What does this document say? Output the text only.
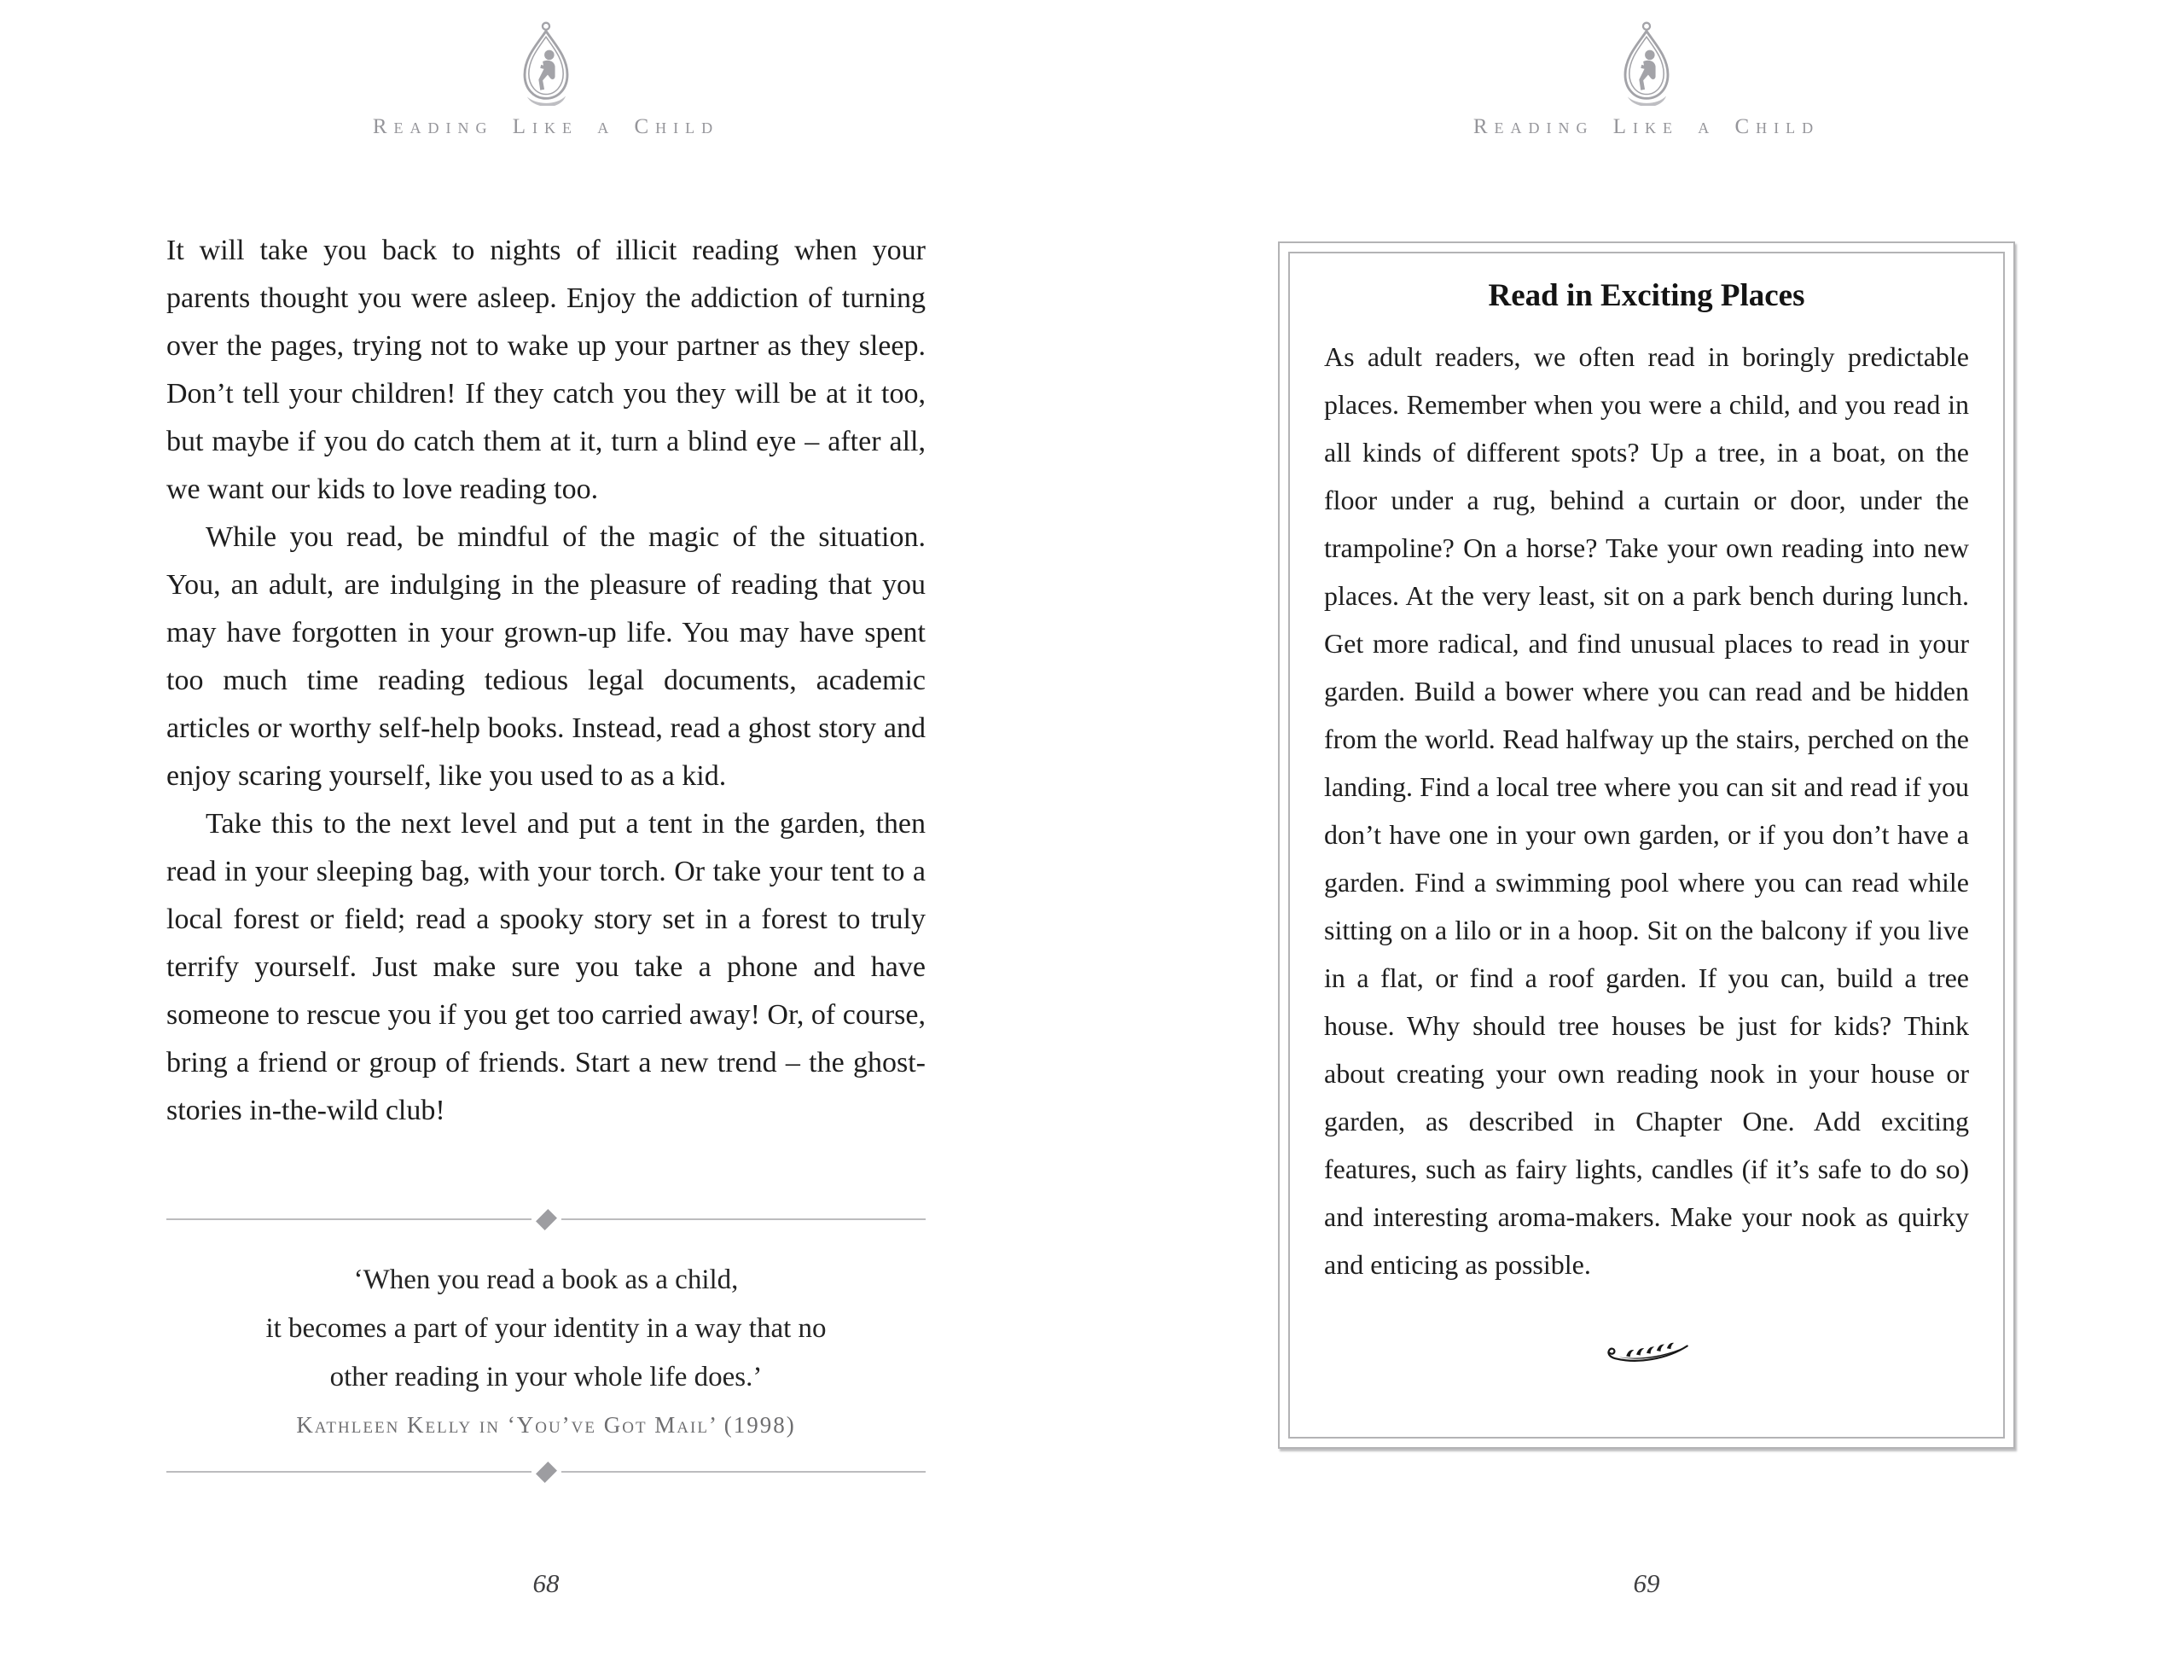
Reading Like a Child

It will take you back to nights of illicit reading when your parents thought you were asleep. Enjoy the addiction of turning over the pages, trying not to wake up your partner as they sleep. Don’t tell your children! If they catch you they will be at it too, but maybe if you do catch them at it, turn a blind eye – after all, we want our kids to love reading too.

While you read, be mindful of the magic of the situation. You, an adult, are indulging in the pleasure of reading that you may have forgotten in your grown-up life. You may have spent too much time reading tedious legal documents, academic articles or worthy self-help books. Instead, read a ghost story and enjoy scaring yourself, like you used to as a kid.

Take this to the next level and put a tent in the garden, then read in your sleeping bag, with your torch. Or take your tent to a local forest or field; read a spooky story set in a forest to truly terrify yourself. Just make sure you take a phone and have someone to rescue you if you get too carried away! Or, of course, bring a friend or group of friends. Start a new trend – the ghost-stories in-the-wild club!

‘When you read a book as a child,
it becomes a part of your identity in a way that no
other reading in your whole life does.’
Kathleen Kelly in ‘You’ve Got Mail’ (1998)
68
Reading Like a Child
Read in Exciting Places

As adult readers, we often read in boringly predictable places. Remember when you were a child, and you read in all kinds of different spots? Up a tree, in a boat, on the floor under a rug, behind a curtain or door, under the trampoline? On a horse? Take your own reading into new places. At the very least, sit on a park bench during lunch. Get more radical, and find unusual places to read in your garden. Build a bower where you can read and be hidden from the world. Read halfway up the stairs, perched on the landing. Find a local tree where you can sit and read if you don’t have one in your own garden, or if you don’t have a garden. Find a swimming pool where you can read while sitting on a lilo or in a hoop. Sit on the balcony if you live in a flat, or find a roof garden. If you can, build a tree house. Why should tree houses be just for kids? Think about creating your own reading nook in your house or garden, as described in Chapter One. Add exciting features, such as fairy lights, candles (if it’s safe to do so) and interesting aroma-makers. Make your nook as quirky and enticing as possible.

69
